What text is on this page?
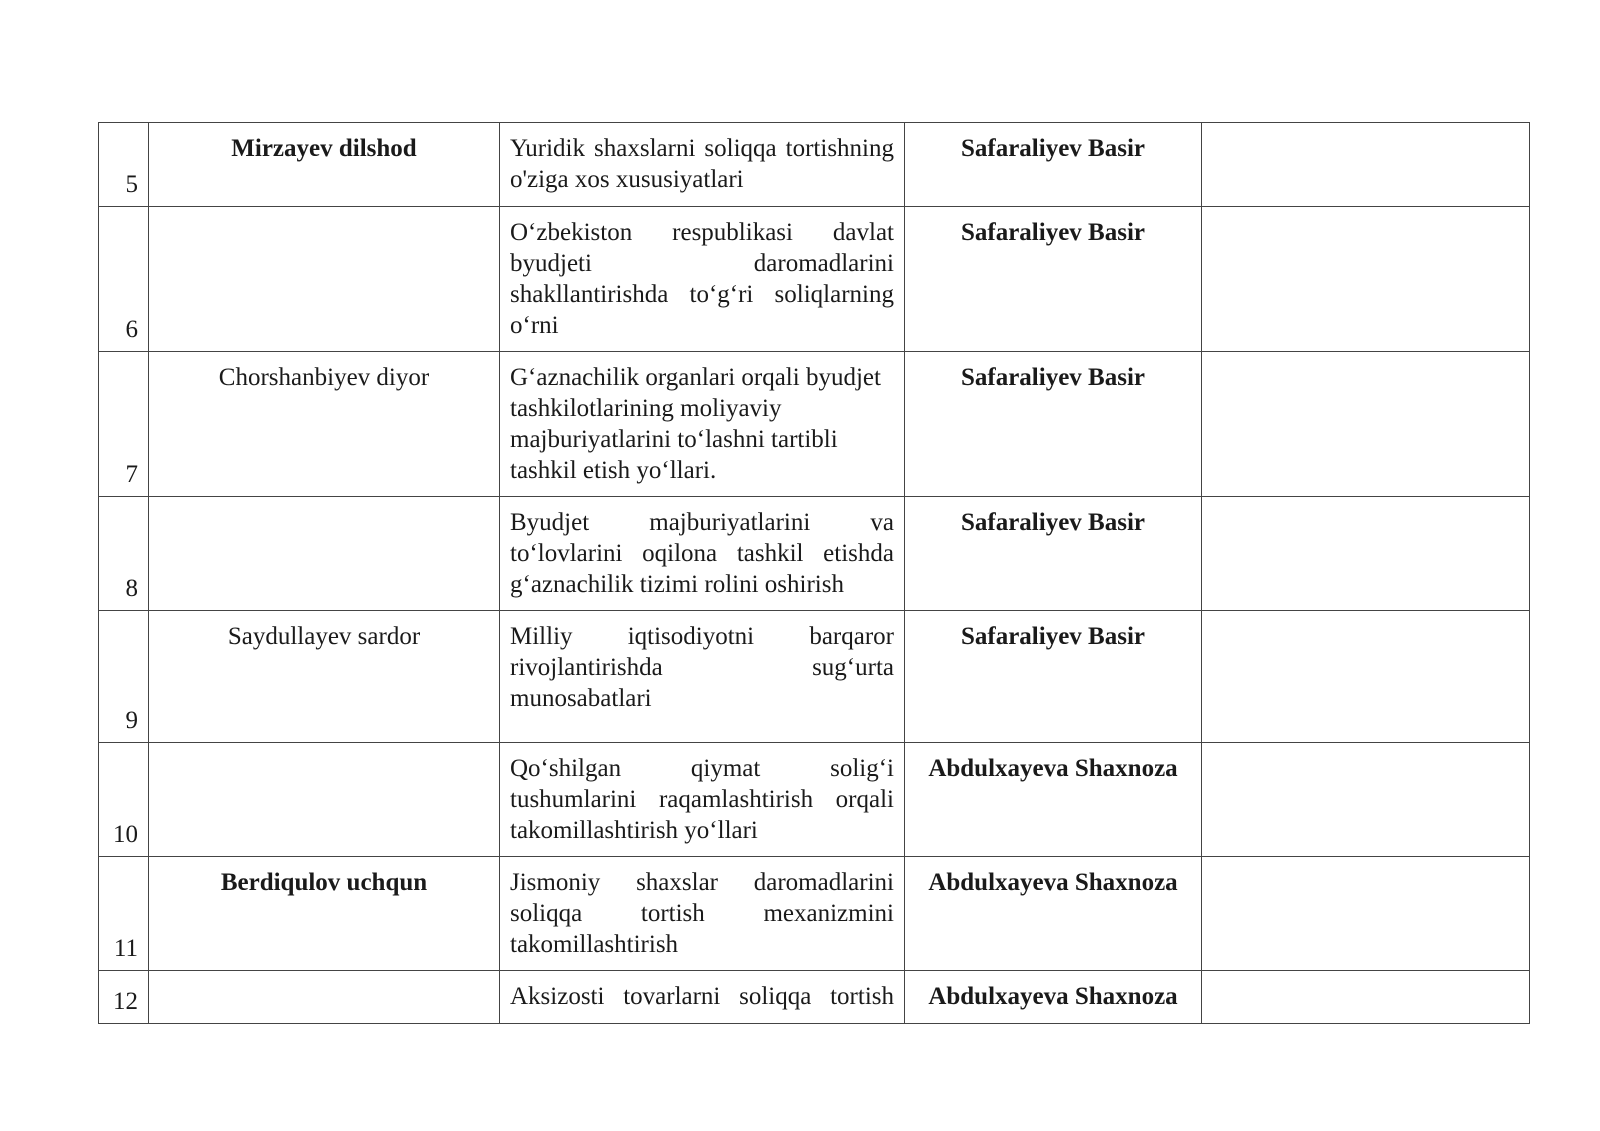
5	Mirzayev dilshod	Yuridik shaxslarni soliqqa tortishning o'ziga xos xususiyatlari	Safaraliyev Basir	
6		O‘zbekiston respublikasi davlat byudjeti daromadlarini shakllantirishda to‘g‘ri soliqlarning o‘rni	Safaraliyev Basir	
7	Chorshanbiyev diyor	G‘aznachilik organlari orqali byudjet tashkilotlarining moliyaviy majburiyatlarini to‘lashni tartibli tashkil etish yo‘llari.	Safaraliyev Basir	
8		Byudjet majburiyatlarini va to‘lovlarini oqilona tashkil etishda g‘aznachilik tizimi rolini oshirish	Safaraliyev Basir	
9	Saydullayev sardor	Milliy iqtisodiyotni barqaror rivojlantirishda sug‘urta munosabatlari	Safaraliyev Basir	
10		Qo‘shilgan qiymat solig‘i tushumlarini raqamlashtirish orqali takomillashtirish yo‘llari	Abdulxayeva Shaxnoza	
11	Berdiqulov uchqun	Jismoniy shaxslar daromadlarini soliqqa tortish mexanizmini takomillashtirish	Abdulxayeva Shaxnoza	
12		Aksizosti tovarlarni soliqqa tortish	Abdulxayeva Shaxnoza	
